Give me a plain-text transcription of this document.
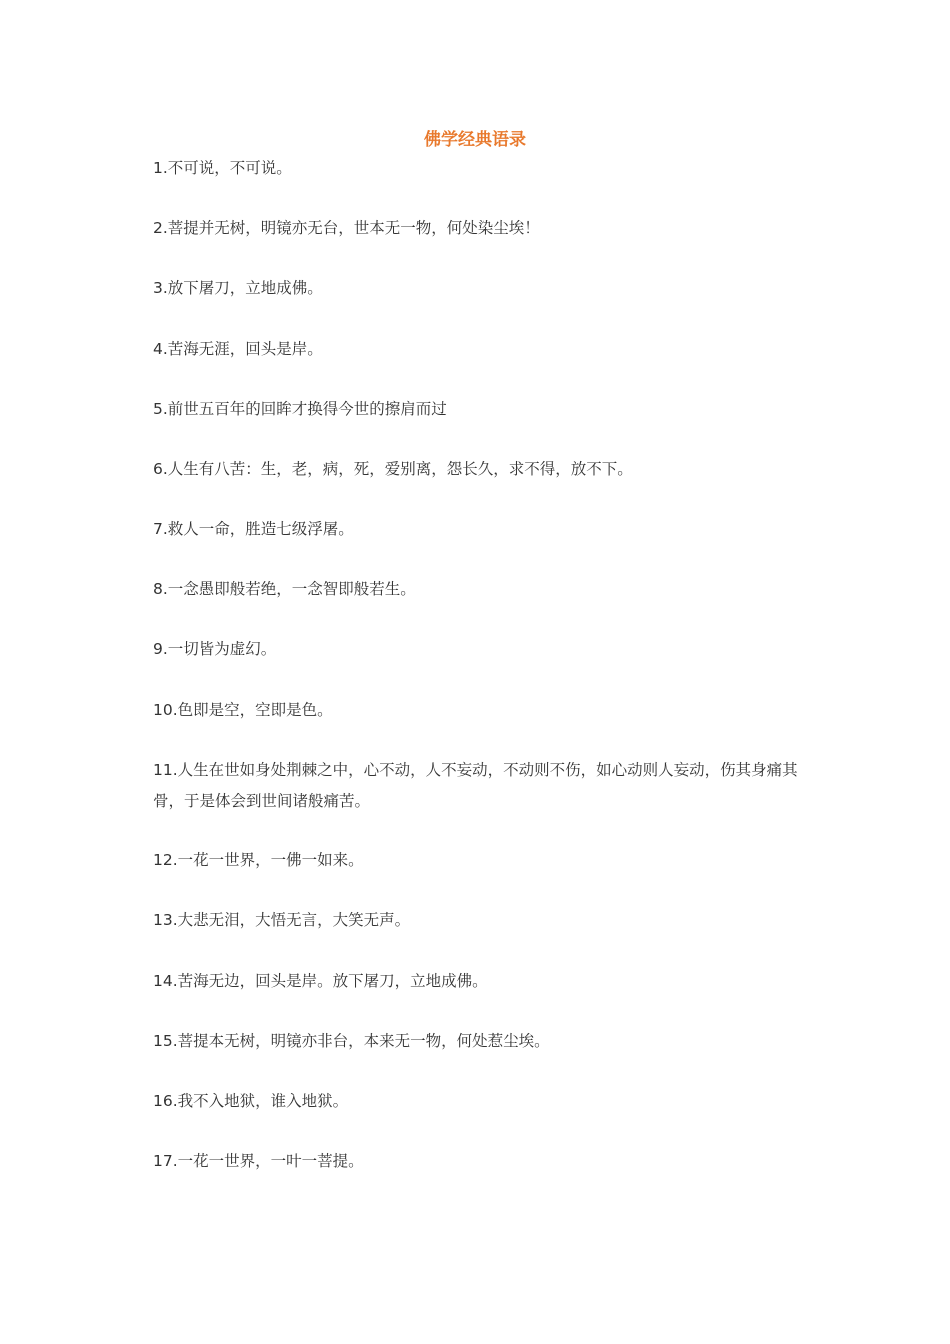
佛学经典语录
1.不可说，不可说。
2.菩提并无树，明镜亦无台，世本无一物，何处染尘埃！
3.放下屠刀，立地成佛。
4.苦海无涯，回头是岸。
5.前世五百年的回眸才换得今世的擦肩而过
6.人生有八苦：生，老，病，死，爱别离，怨长久，求不得，放不下。
7.救人一命，胜造七级浮屠。
8.一念愚即般若绝，一念智即般若生。
9.一切皆为虚幻。
10.色即是空，空即是色。
11.人生在世如身处荆棘之中，心不动，人不妄动，不动则不伤，如心动则人妄动，伤其身痛其骨，于是体会到世间诸般痛苦。
12.一花一世界，一佛一如来。
13.大悲无泪，大悟无言，大笑无声。
14.苦海无边，回头是岸。放下屠刀，立地成佛。
15.菩提本无树，明镜亦非台，本来无一物，何处惹尘埃。
16.我不入地狱，谁入地狱。
17.一花一世界，一叶一菩提。
